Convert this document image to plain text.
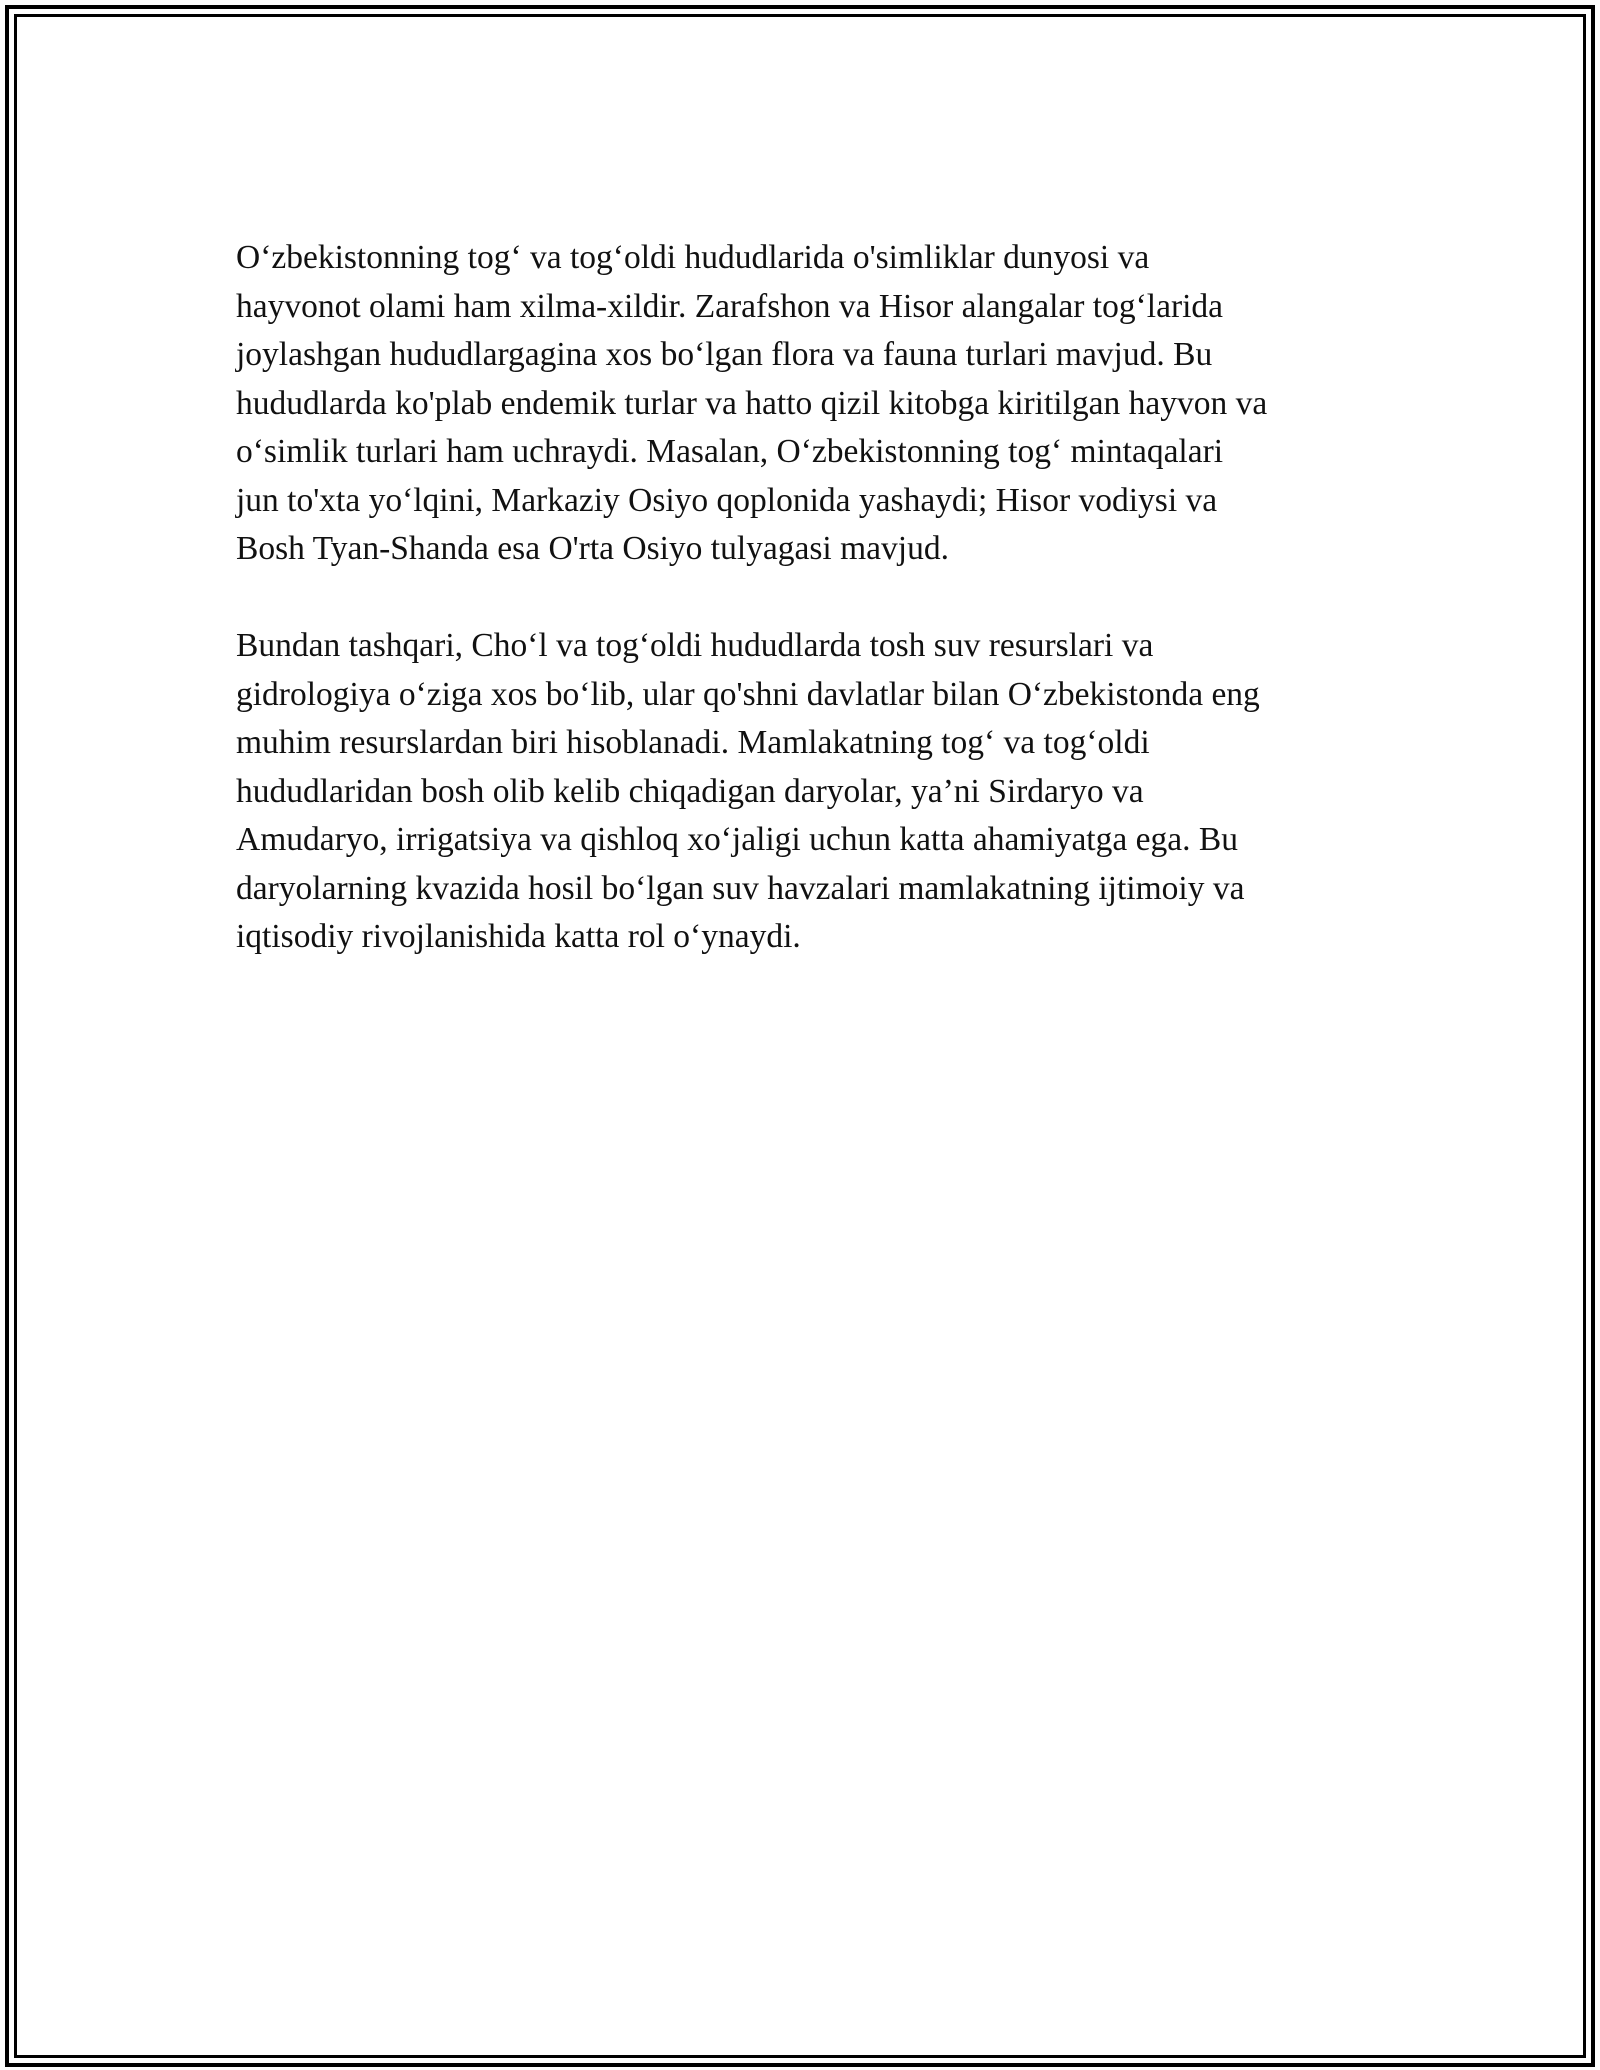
O‘zbekistonning tog‘ va tog‘oldi hududlarida o'simliklar dunyosi va
hayvonot olami ham xilma-xildir. Zarafshon va Hisor alangalar tog‘larida
joylashgan hududlargagina xos bo‘lgan flora va fauna turlari mavjud. Bu
hududlarda ko'plab endemik turlar va hatto qizil kitobga kiritilgan hayvon va
o‘simlik turlari ham uchraydi. Masalan, O‘zbekistonning tog‘ mintaqalari
jun to'xta yo‘lqini, Markaziy Osiyo qoplonida yashaydi; Hisor vodiysi va
Bosh Tyan-Shanda esa O'rta Osiyo tulyagasi mavjud.

Bundan tashqari, Cho‘l va tog‘oldi hududlarda tosh suv resurslari va
gidrologiya o‘ziga xos bo‘lib, ular qo'shni davlatlar bilan O‘zbekistonda eng
muhim resurslardan biri hisoblanadi. Mamlakatning tog‘ va tog‘oldi
hududlaridan bosh olib kelib chiqadigan daryolar, ya’ni Sirdaryo va
Amudaryo, irrigatsiya va qishloq xo‘jaligi uchun katta ahamiyatga ega. Bu
daryolarning kvazida hosil bo‘lgan suv havzalari mamlakatning ijtimoiy va
iqtisodiy rivojlanishida katta rol o‘ynaydi.
